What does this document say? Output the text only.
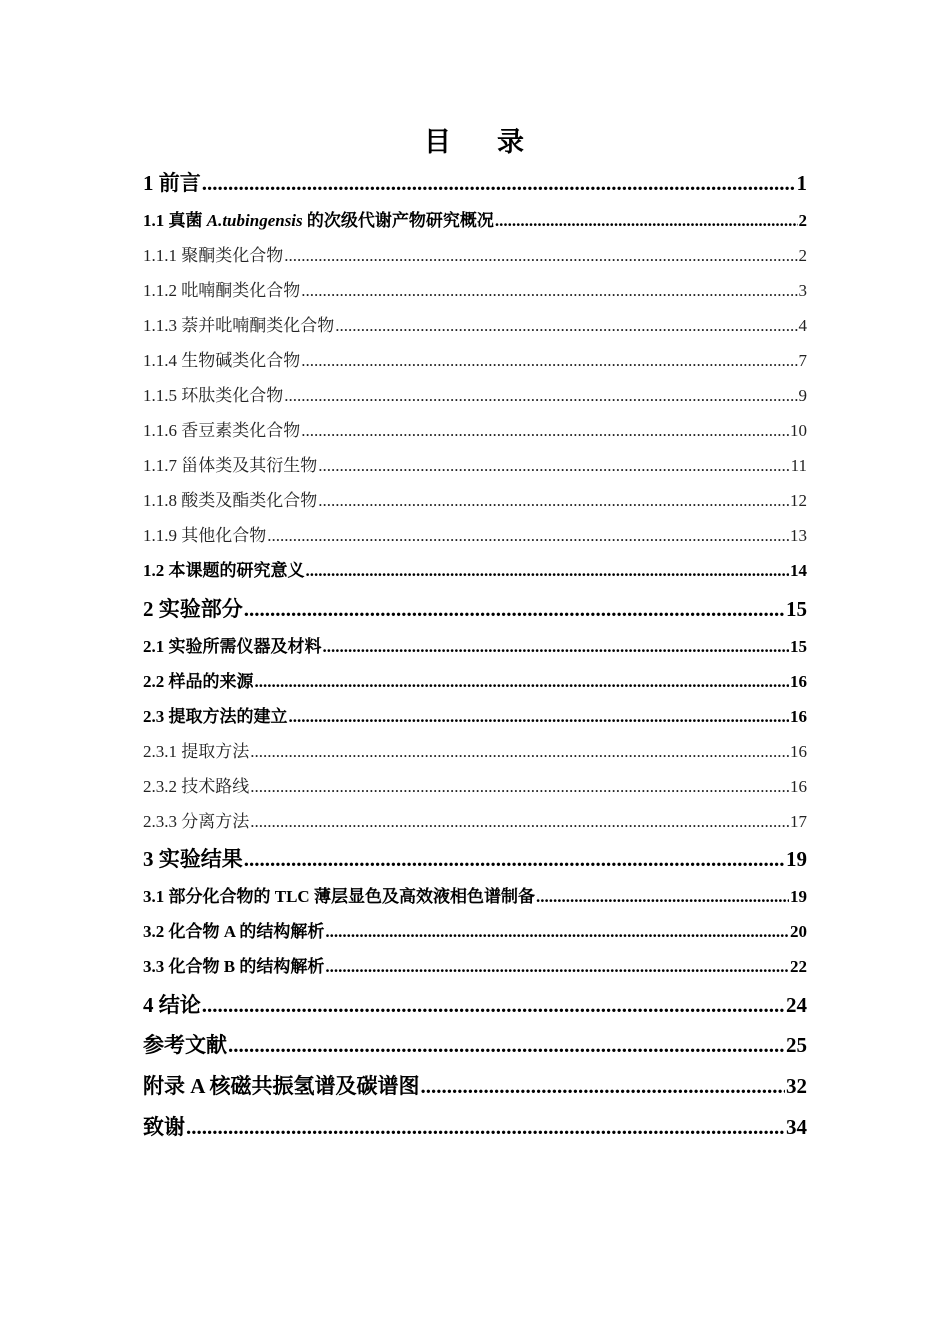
目 录
1 前言 .....	1
1.1 真菌 A.tubingensis 的次级代谢产物研究概况 .....	2
1.1.1 聚酮类化合物 .....	2
1.1.2 吡喃酮类化合物 .....	3
1.1.3 萘并吡喃酮类化合物 .....	4
1.1.4 生物碱类化合物 .....	7
1.1.5 环肽类化合物 .....	9
1.1.6 香豆素类化合物 .....	10
1.1.7 甾体类及其衍生物 .....	11
1.1.8 酸类及酯类化合物 .....	12
1.1.9 其他化合物 .....	13
1.2 本课题的研究意义 .....	14
2 实验部分 .....	15
2.1 实验所需仪器及材料 .....	15
2.2 样品的来源 .....	16
2.3 提取方法的建立 .....	16
2.3.1 提取方法 .....	16
2.3.2 技术路线 .....	16
2.3.3 分离方法 .....	17
3 实验结果 .....	19
3.1 部分化合物的 TLC 薄层显色及高效液相色谱制备 .....	19
3.2 化合物 A 的结构解析 .....	20
3.3 化合物 B 的结构解析 .....	22
4 结论 .....	24
参考文献 .....	25
附录 A 核磁共振氢谱及碳谱图 .....	32
致谢 .....	34
